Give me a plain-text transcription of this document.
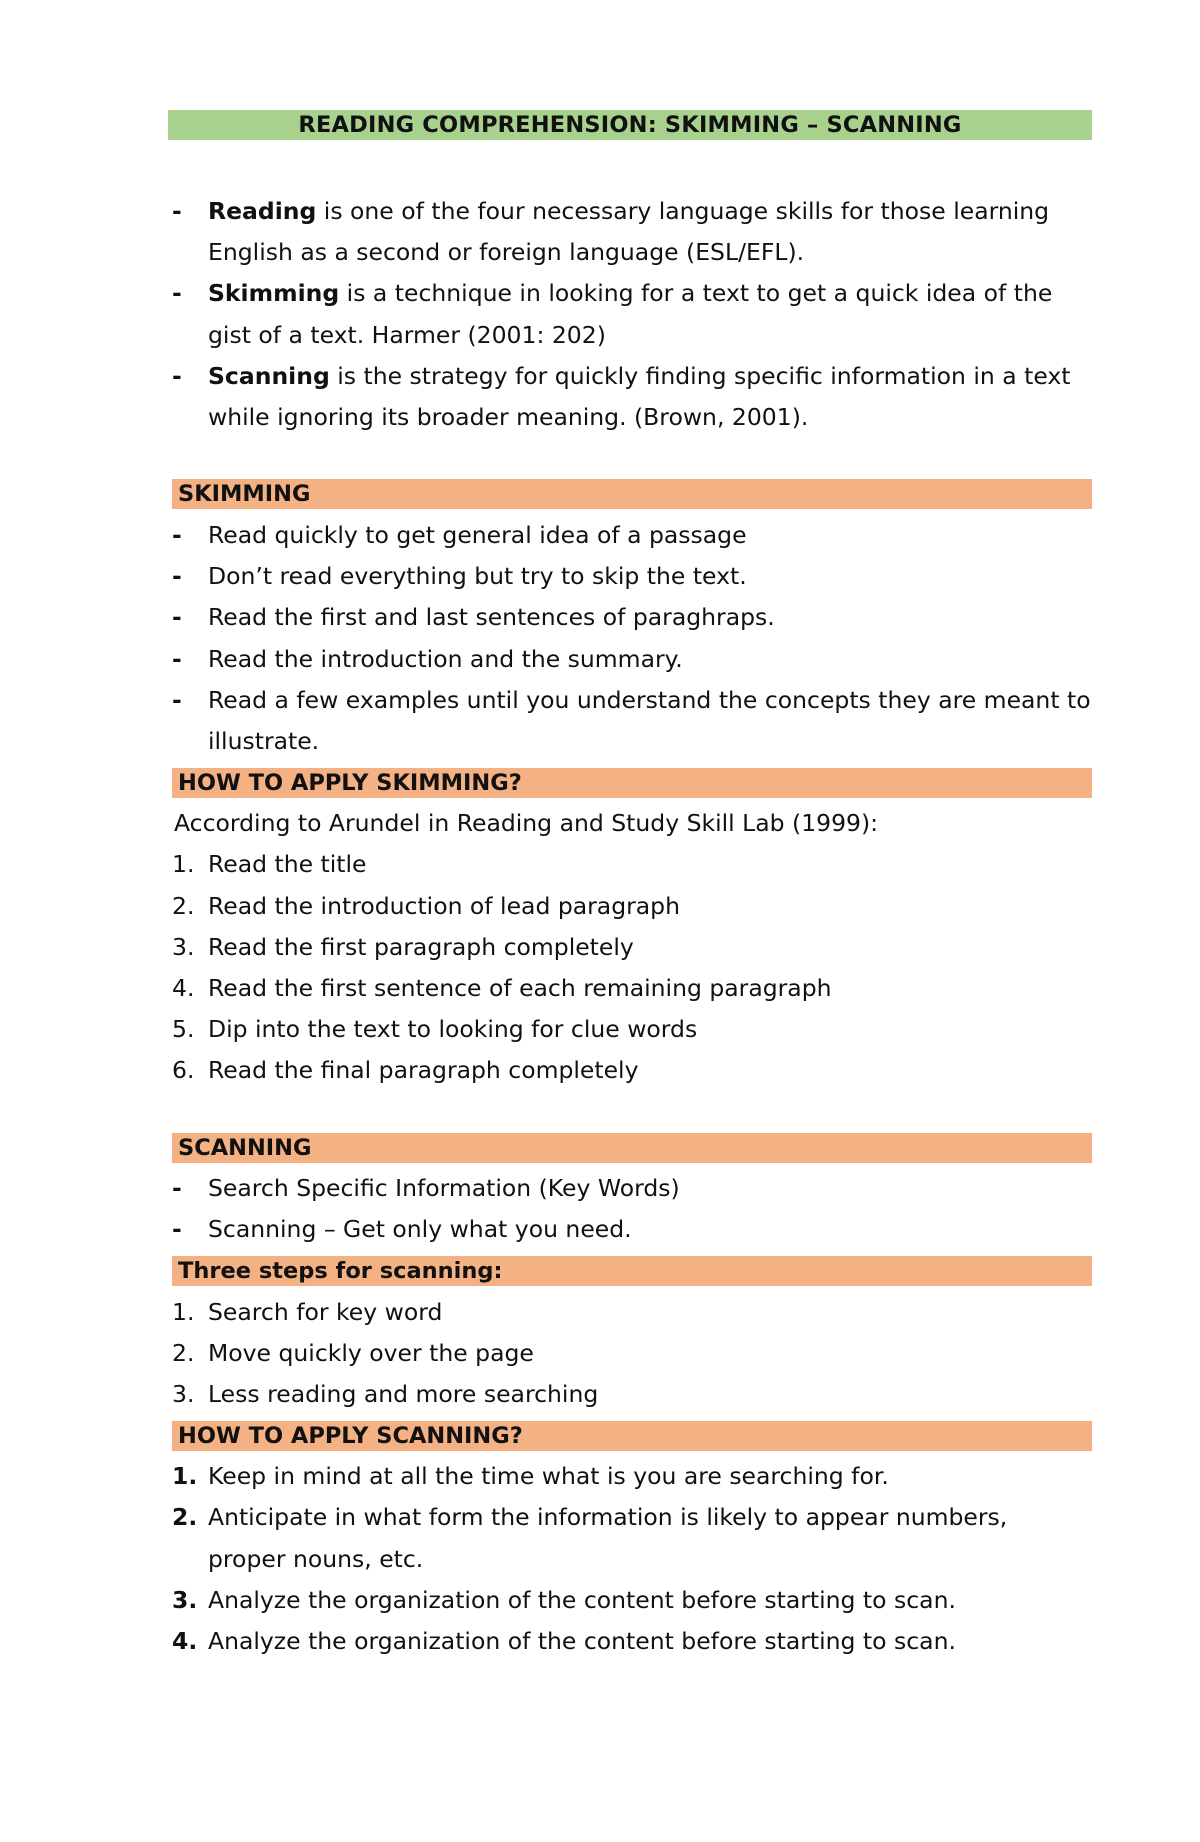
READING COMPREHENSION: SKIMMING – SCANNING
-	Reading is one of the four necessary language skills for those learning English as a second or foreign language (ESL/EFL).
-	Skimming is a technique in looking for a text to get a quick idea of the gist of a text. Harmer (2001: 202)
-	Scanning is the strategy for quickly finding specific information in a text while ignoring its broader meaning. (Brown, 2001).
SKIMMING
-	Read quickly to get general idea of a passage
-	Don’t read everything but try to skip the text.
-	Read the first and last sentences of paraghraps.
-	Read the introduction and the summary.
-	Read a few examples until you understand the concepts they are meant to illustrate.
HOW TO APPLY SKIMMING?
According to Arundel in Reading and Study Skill Lab (1999):
1. Read the title
2. Read the introduction of lead paragraph
3. Read the first paragraph completely
4. Read the first sentence of each remaining paragraph
5. Dip into the text to looking for clue words
6. Read the final paragraph completely
SCANNING
-	Search Specific Information (Key Words)
-	Scanning – Get only what you need.
Three steps for scanning:
1. Search for key word
2. Move quickly over the page
3. Less reading and more searching
HOW TO APPLY SCANNING?
1. Keep in mind at all the time what is you are searching for.
2. Anticipate in what form the information is likely to appear numbers, proper nouns, etc.
3. Analyze the organization of the content before starting to scan.
4. Analyze the organization of the content before starting to scan.
